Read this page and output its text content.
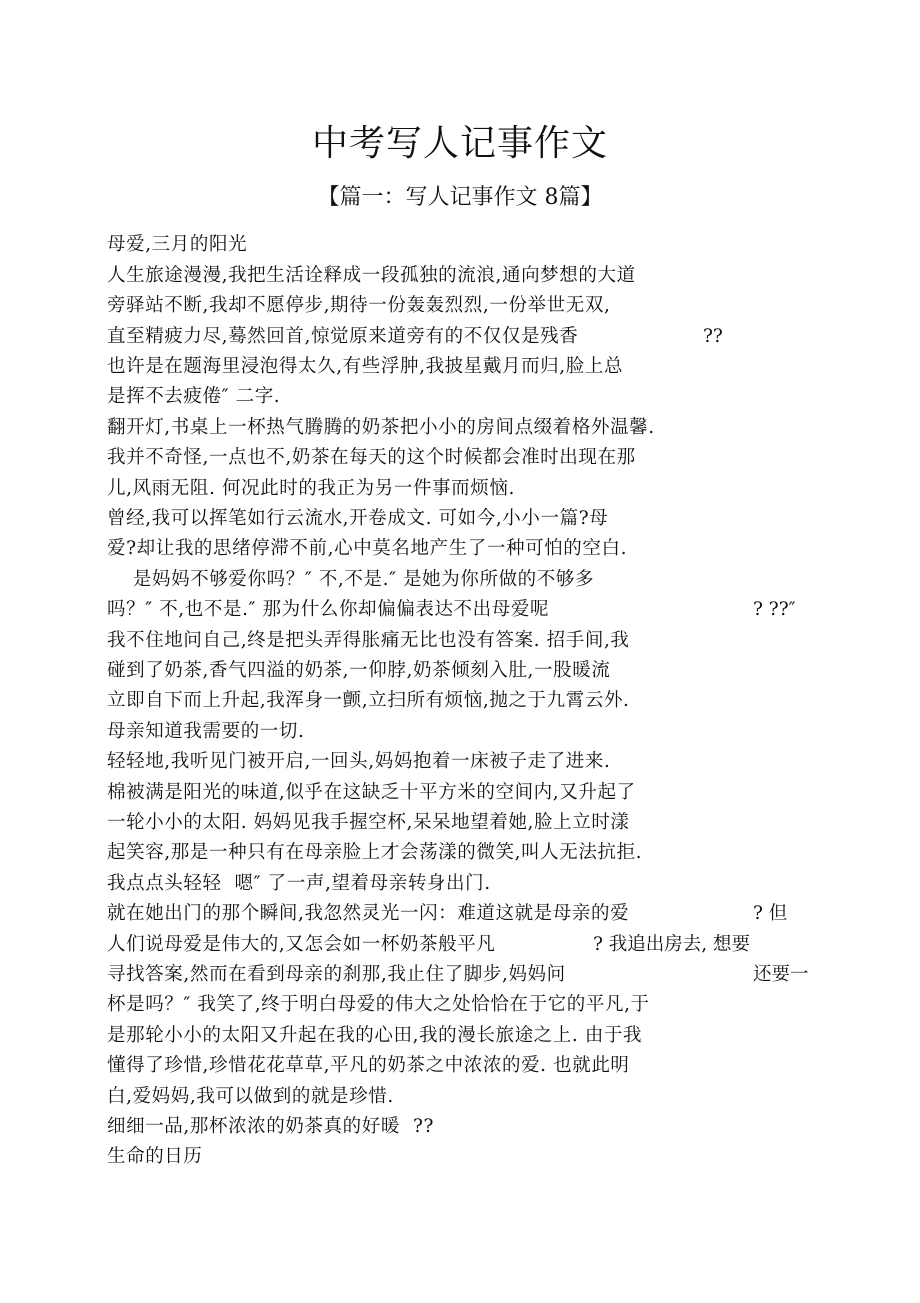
中考写人记事作文
【篇一：写人记事作文 8篇】
母爱,三月的阳光
人生旅途漫漫,我把生活诠释成一段孤独的流浪,通向梦想的大道
旁驿站不断,我却不愿停步,期待一份轰轰烈烈,一份举世无双,
直至精疲力尽,蓦然回首,惊觉原来道旁有的不仅仅是残香
也许是在题海里浸泡得太久,有些浮肿,我披星戴月而归,脸上总
是挥不去疲倦″ 二字.
翻开灯,书桌上一杯热气腾腾的奶茶把小小的房间点缀着格外温馨.
我并不奇怪,一点也不,奶茶在每天的这个时候都会准时出现在那
儿,风雨无阻. 何况此时的我正为另一件事而烦恼.
曾经,我可以挥笔如行云流水,开卷成文. 可如今,小小一篇?母
爱?却让我的思绪停滞不前,心中莫名地产生了一种可怕的空白.
是妈妈不够爱你吗？″ 不,不是.″ 是她为你所做的不够多
吗？″ 不,也不是.″ 那为什么你却偏偏表达不出母爱呢
我不住地问自己,终是把头弄得胀痛无比也没有答案. 招手间,我
碰到了奶茶,香气四溢的奶茶,一仰脖,奶茶倾刻入肚,一股暖流
立即自下而上升起,我浑身一颤,立扫所有烦恼,抛之于九霄云外.
母亲知道我需要的一切.
轻轻地,我听见门被开启,一回头,妈妈抱着一床被子走了进来.
棉被满是阳光的味道,似乎在这缺乏十平方米的空间内,又升起了
一轮小小的太阳. 妈妈见我手握空杯,呆呆地望着她,脸上立时漾
起笑容,那是一种只有在母亲脸上才会荡漾的微笑,叫人无法抗拒.
我点点头轻轻  嗯″ 了一声,望着母亲转身出门.
就在她出门的那个瞬间,我忽然灵光一闪：难道这就是母亲的爱
人们说母爱是伟大的,又怎会如一杯奶茶般平凡
寻找答案,然而在看到母亲的刹那,我止住了脚步,妈妈问
杯是吗？″ 我笑了,终于明白母爱的伟大之处恰恰在于它的平凡,于
是那轮小小的太阳又升起在我的心田,我的漫长旅途之上. 由于我
懂得了珍惜,珍惜花花草草,平凡的奶茶之中浓浓的爱. 也就此明
白,爱妈妈,我可以做到的就是珍惜.
细细一品,那杯浓浓的奶茶真的好暖  ??
生命的日历
??
? ??″
? 但
? 我追出房去, 想要
还要一
